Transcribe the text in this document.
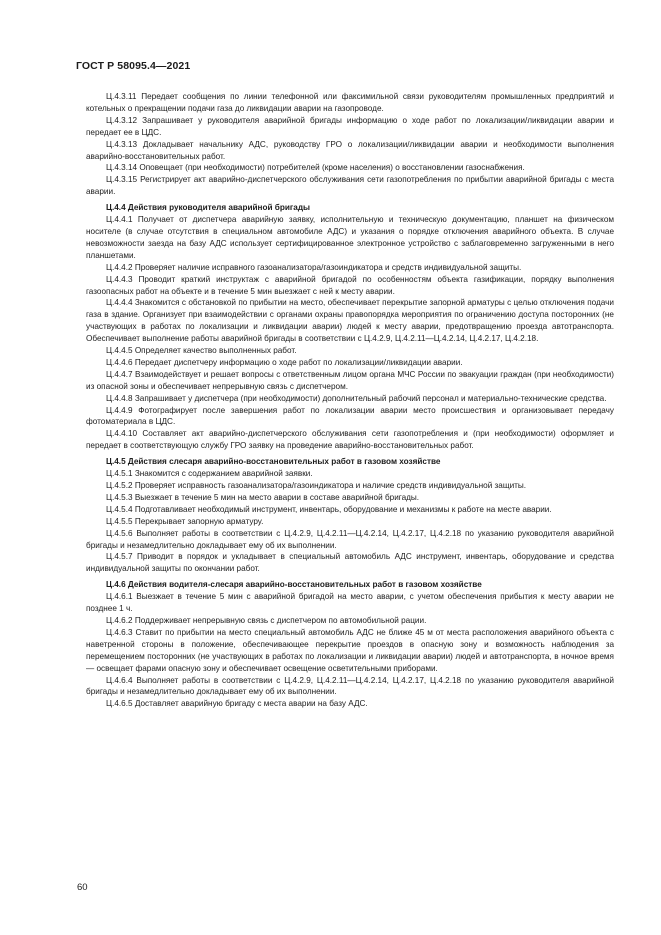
ГОСТ Р 58095.4—2021

Ц.4.3.11 Передает сообщения по линии телефонной или факсимильной связи руководителям промышленных предприятий и котельных о прекращении подачи газа до ликвидации аварии на газопроводе.

Ц.4.3.12 Запрашивает у руководителя аварийной бригады информацию о ходе работ по локализации/ликвидации аварии и передает ее в ЦДС.

Ц.4.3.13 Докладывает начальнику АДС, руководству ГРО о локализации/ликвидации аварии и необходимости выполнения аварийно-восстановительных работ.

Ц.4.3.14 Оповещает (при необходимости) потребителей (кроме населения) о восстановлении газоснабжения.

Ц.4.3.15 Регистрирует акт аварийно-диспетчерского обслуживания сети газопотребления по прибытии аварийной бригады с места аварии.

Ц.4.4 Действия руководителя аварийной бригады

Ц.4.4.1 Получает от диспетчера аварийную заявку, исполнительную и техническую документацию, планшет на физическом носителе (в случае отсутствия в специальном автомобиле АДС) и указания о порядке отключения аварийного объекта. В случае невозможности заезда на базу АДС использует сертифицированное электронное устройство с заблаговременно загруженными в него планшетами.

Ц.4.4.2 Проверяет наличие исправного газоанализатора/газоиндикатора и средств индивидуальной защиты.

Ц.4.4.3 Проводит краткий инструктаж с аварийной бригадой по особенностям объекта газификации, порядку выполнения газоопасных работ на объекте и в течение 5 мин выезжает с ней к месту аварии.

Ц.4.4.4 Знакомится с обстановкой по прибытии на место, обеспечивает перекрытие запорной арматуры с целью отключения подачи газа в здание. Организует при взаимодействии с органами охраны правопорядка мероприятия по ограничению доступа посторонних (не участвующих в работах по локализации и ликвидации аварии) людей к месту аварии, предотвращению проезда автотранспорта. Обеспечивает выполнение работы аварийной бригады в соответствии с Ц.4.2.9, Ц.4.2.11—Ц.4.2.14, Ц.4.2.17, Ц.4.2.18.

Ц.4.4.5 Определяет качество выполненных работ.

Ц.4.4.6 Передает диспетчеру информацию о ходе работ по локализации/ликвидации аварии.

Ц.4.4.7 Взаимодействует и решает вопросы с ответственным лицом органа МЧС России по эвакуации граждан (при необходимости) из опасной зоны и обеспечивает непрерывную связь с диспетчером.

Ц.4.4.8 Запрашивает у диспетчера (при необходимости) дополнительный рабочий персонал и материально-технические средства.

Ц.4.4.9 Фотографирует после завершения работ по локализации аварии место происшествия и организовывает передачу фотоматериала в ЦДС.

Ц.4.4.10 Составляет акт аварийно-диспетчерского обслуживания сети газопотребления и (при необходимости) оформляет и передает в соответствующую службу ГРО заявку на проведение аварийно-восстановительных работ.

Ц.4.5 Действия слесаря аварийно-восстановительных работ в газовом хозяйстве

Ц.4.5.1 Знакомится с содержанием аварийной заявки.

Ц.4.5.2 Проверяет исправность газоанализатора/газоиндикатора и наличие средств индивидуальной защиты.

Ц.4.5.3 Выезжает в течение 5 мин на место аварии в составе аварийной бригады.

Ц.4.5.4 Подготавливает необходимый инструмент, инвентарь, оборудование и механизмы к работе на месте аварии.

Ц.4.5.5 Перекрывает запорную арматуру.

Ц.4.5.6 Выполняет работы в соответствии с Ц.4.2.9, Ц.4.2.11—Ц.4.2.14, Ц.4.2.17, Ц.4.2.18 по указанию руководителя аварийной бригады и незамедлительно докладывает ему об их выполнении.

Ц.4.5.7 Приводит в порядок и укладывает в специальный автомобиль АДС инструмент, инвентарь, оборудование и средства индивидуальной защиты по окончании работ.

Ц.4.6 Действия водителя-слесаря аварийно-восстановительных работ в газовом хозяйстве

Ц.4.6.1 Выезжает в течение 5 мин с аварийной бригадой на место аварии, с учетом обеспечения прибытия к месту аварии не позднее 1 ч.

Ц.4.6.2 Поддерживает непрерывную связь с диспетчером по автомобильной рации.

Ц.4.6.3 Ставит по прибытии на место специальный автомобиль АДС не ближе 45 м от места расположения аварийного объекта с наветренной стороны в положение, обеспечивающее перекрытие проездов в опасную зону и возможность наблюдения за перемещением посторонних (не участвующих в работах по локализации и ликвидации аварии) людей и автотранспорта, в ночное время — освещает фарами опасную зону и обеспечивает освещение осветительными приборами.

Ц.4.6.4 Выполняет работы в соответствии с Ц.4.2.9, Ц.4.2.11—Ц.4.2.14, Ц.4.2.17, Ц.4.2.18 по указанию руководителя аварийной бригады и незамедлительно докладывает ему об их выполнении.

Ц.4.6.5 Доставляет аварийную бригаду с места аварии на базу АДС.

60
